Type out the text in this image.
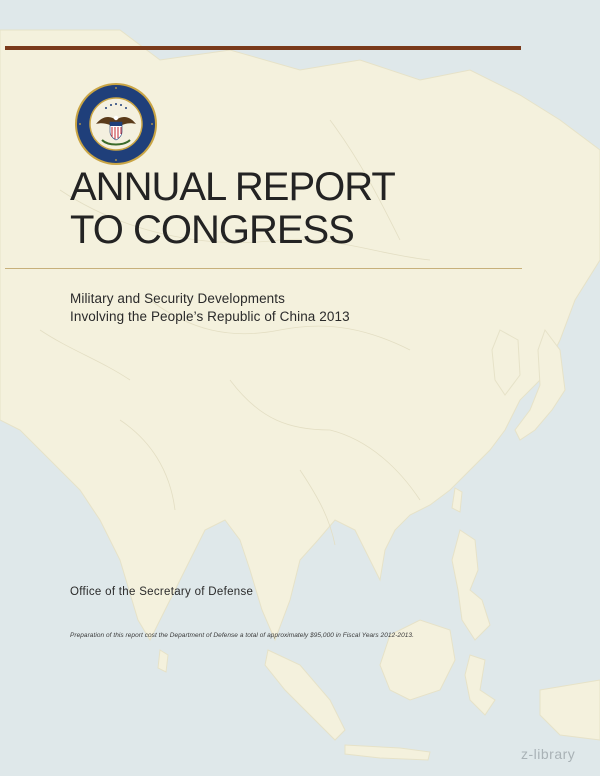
ANNUAL REPORT
TO CONGRESS
Military and Security Developments
Involving the People’s Republic of China 2013
Office of the Secretary of Defense
Preparation of this report cost the Department of Defense a total of approximately $95,000 in Fiscal Years 2012-2013.
z-library
